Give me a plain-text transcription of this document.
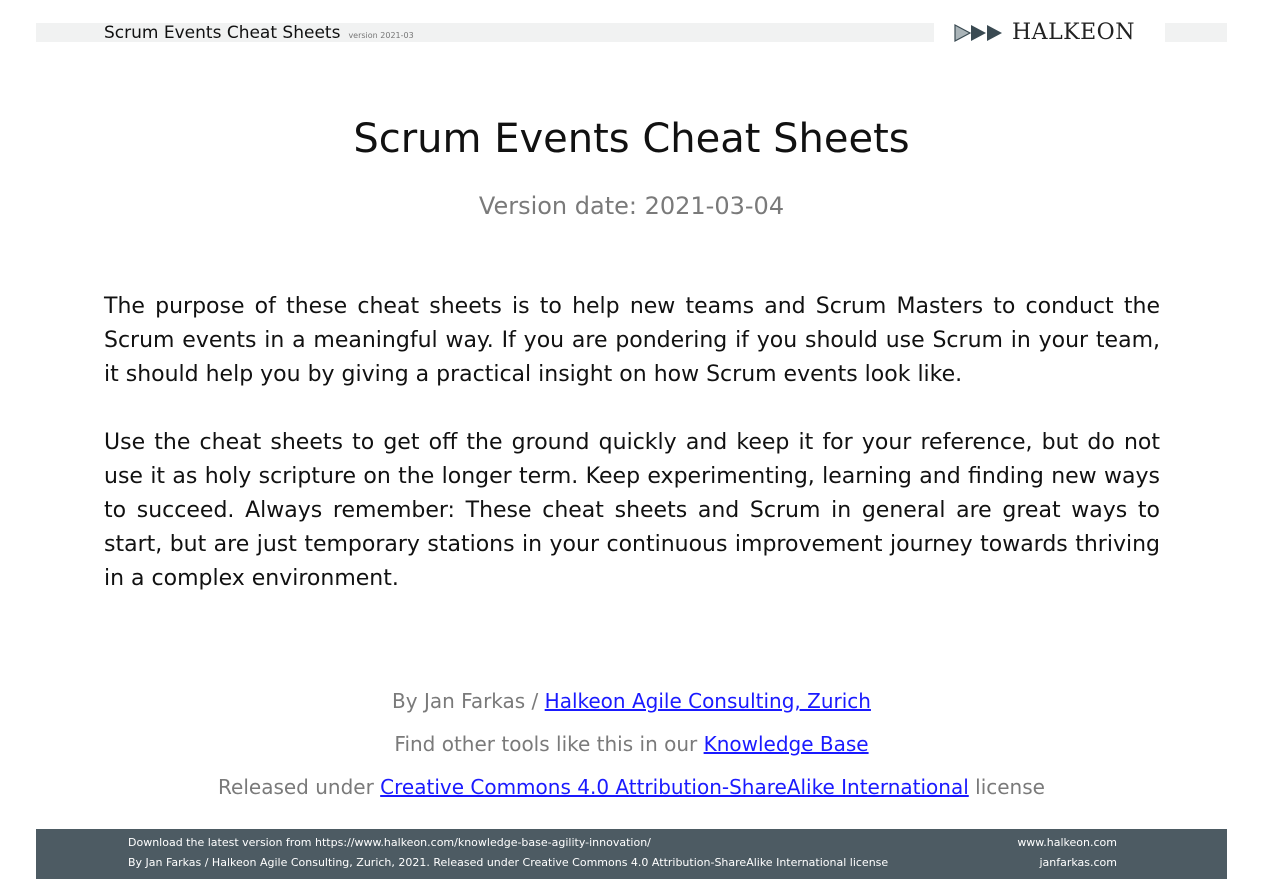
Scrum Events Cheat Sheets version 2021-03	HALKEON
Scrum Events Cheat Sheets
Version date: 2021-03-04

The purpose of these cheat sheets is to help new teams and Scrum Masters to conduct the Scrum events in a meaningful way. If you are pondering if you should use Scrum in your team, it should help you by giving a practical insight on how Scrum events look like.

Use the cheat sheets to get off the ground quickly and keep it for your reference, but do not use it as holy scripture on the longer term. Keep experimenting, learning and finding new ways to succeed. Always remember: These cheat sheets and Scrum in general are great ways to start, but are just temporary stations in your continuous improvement journey towards thriving in a complex environment.

By Jan Farkas / Halkeon Agile Consulting, Zurich
Find other tools like this in our Knowledge Base
Released under Creative Commons 4.0 Attribution-ShareAlike International license
Download the latest version from https://www.halkeon.com/knowledge-base-agility-innovation/
By Jan Farkas / Halkeon Agile Consulting, Zurich, 2021. Released under Creative Commons 4.0 Attribution-ShareAlike International license
www.halkeon.com
janfarkas.com
